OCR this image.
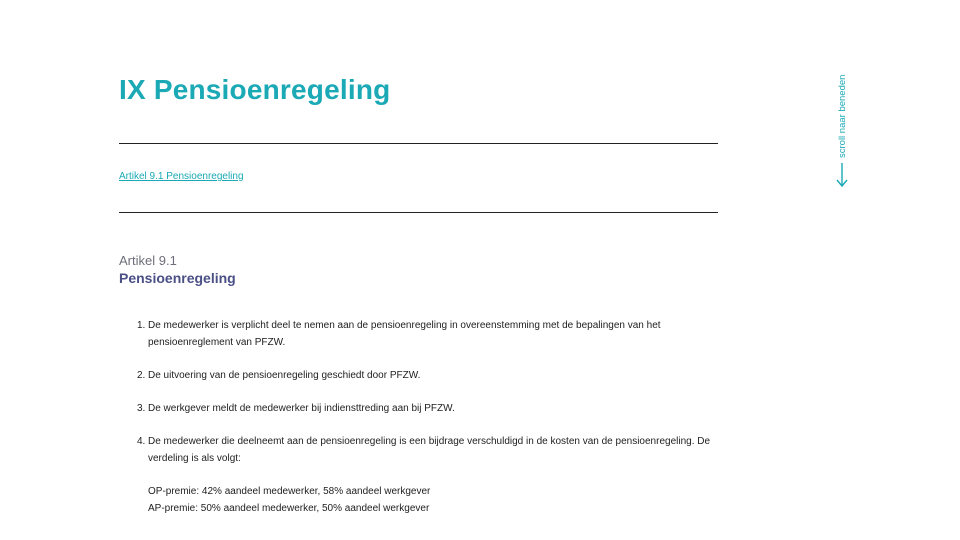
IX Pensioenregeling
Artikel 9.1 Pensioenregeling
Artikel 9.1
Pensioenregeling
1. De medewerker is verplicht deel te nemen aan de pensioenregeling in overeenstemming met de bepalingen van het pensioenreglement van PFZW.
2. De uitvoering van de pensioenregeling geschiedt door PFZW.
3. De werkgever meldt de medewerker bij indiensttreding aan bij PFZW.
4. De medewerker die deelneemt aan de pensioenregeling is een bijdrage verschuldigd in de kosten van de pensioenregeling. De verdeling is als volgt:
OP-premie: 42% aandeel medewerker, 58% aandeel werkgever
AP-premie: 50% aandeel medewerker, 50% aandeel werkgever
scroll naar beneden
